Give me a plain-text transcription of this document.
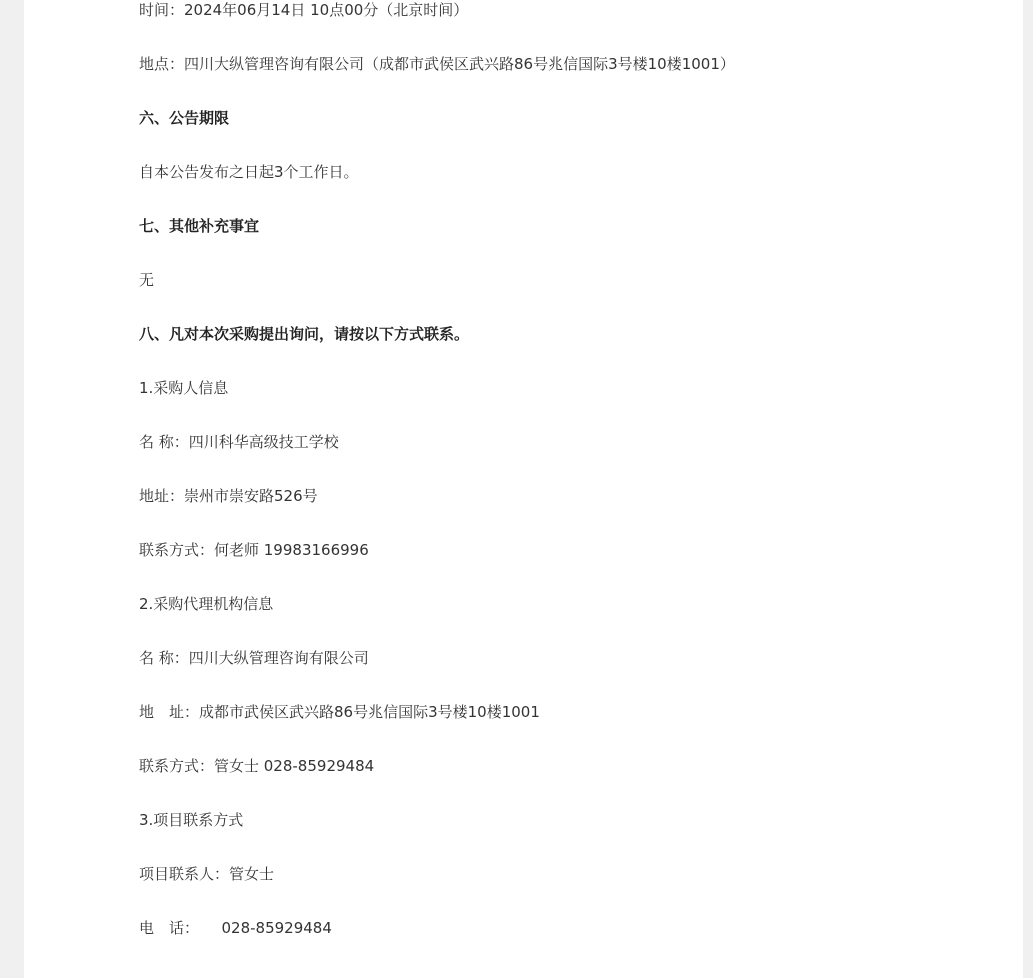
时间：2024年06月14日 10点00分（北京时间）
地点：四川大纵管理咨询有限公司（成都市武侯区武兴路86号兆信国际3号楼10楼1001）
六、公告期限
自本公告发布之日起3个工作日。
七、其他补充事宜
无
八、凡对本次采购提出询问，请按以下方式联系。
1.采购人信息
名 称：四川科华高级技工学校
地址：崇州市崇安路526号
联系方式：何老师 19983166996
2.采购代理机构信息
名 称：四川大纵管理咨询有限公司
地　址：成都市武侯区武兴路86号兆信国际3号楼10楼1001
联系方式：管女士 028-85929484
3.项目联系方式
项目联系人：管女士
电　话：　　028-85929484
